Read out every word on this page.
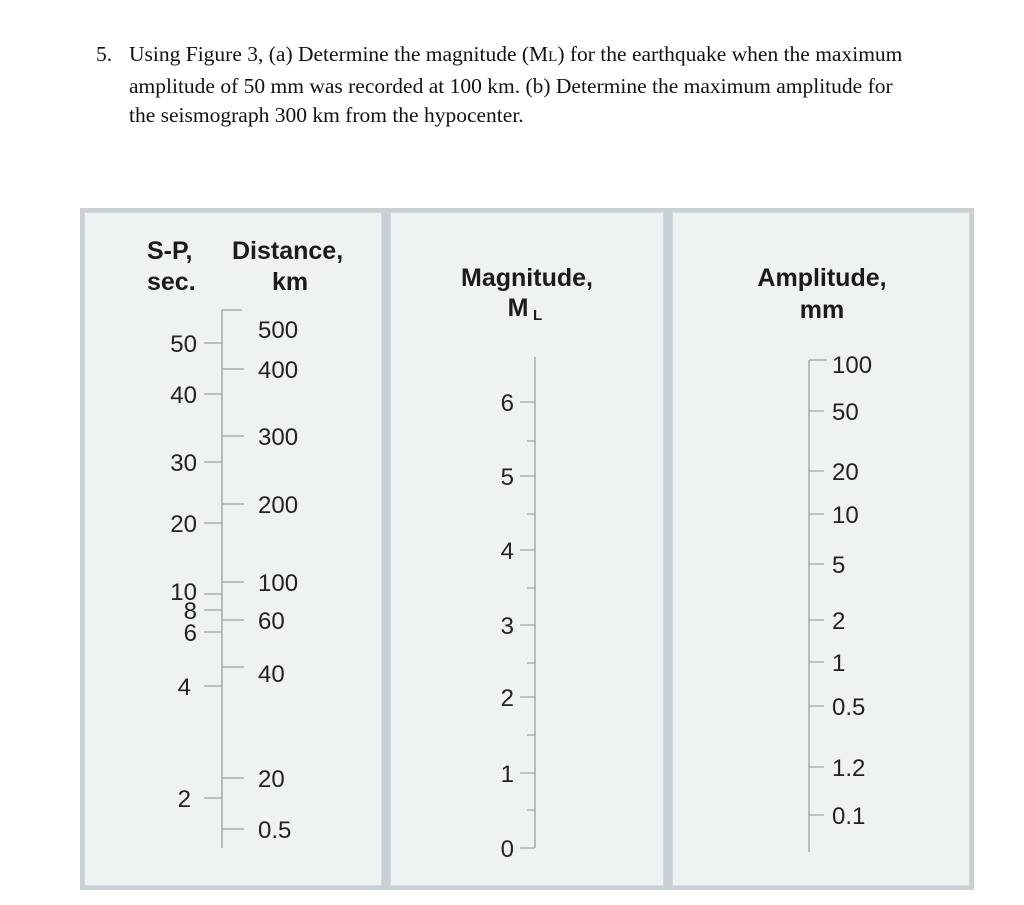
5. Using Figure 3, (a) Determine the magnitude (ML) for the earthquake when the maximum
amplitude of 50 mm was recorded at 100 km. (b) Determine the maximum amplitude for
the seismograph 300 km from the hypocenter.
S-P,
sec.
Distance,
km
50
40
30
20
10
8
6
4
2
500
400
300
200
100
60
40
20
0.5
Magnitude,
M L
6
5
4
3
2
1
0
Amplitude,
mm
100
50
20
10
5
2
1
0.5
1.2
0.1
